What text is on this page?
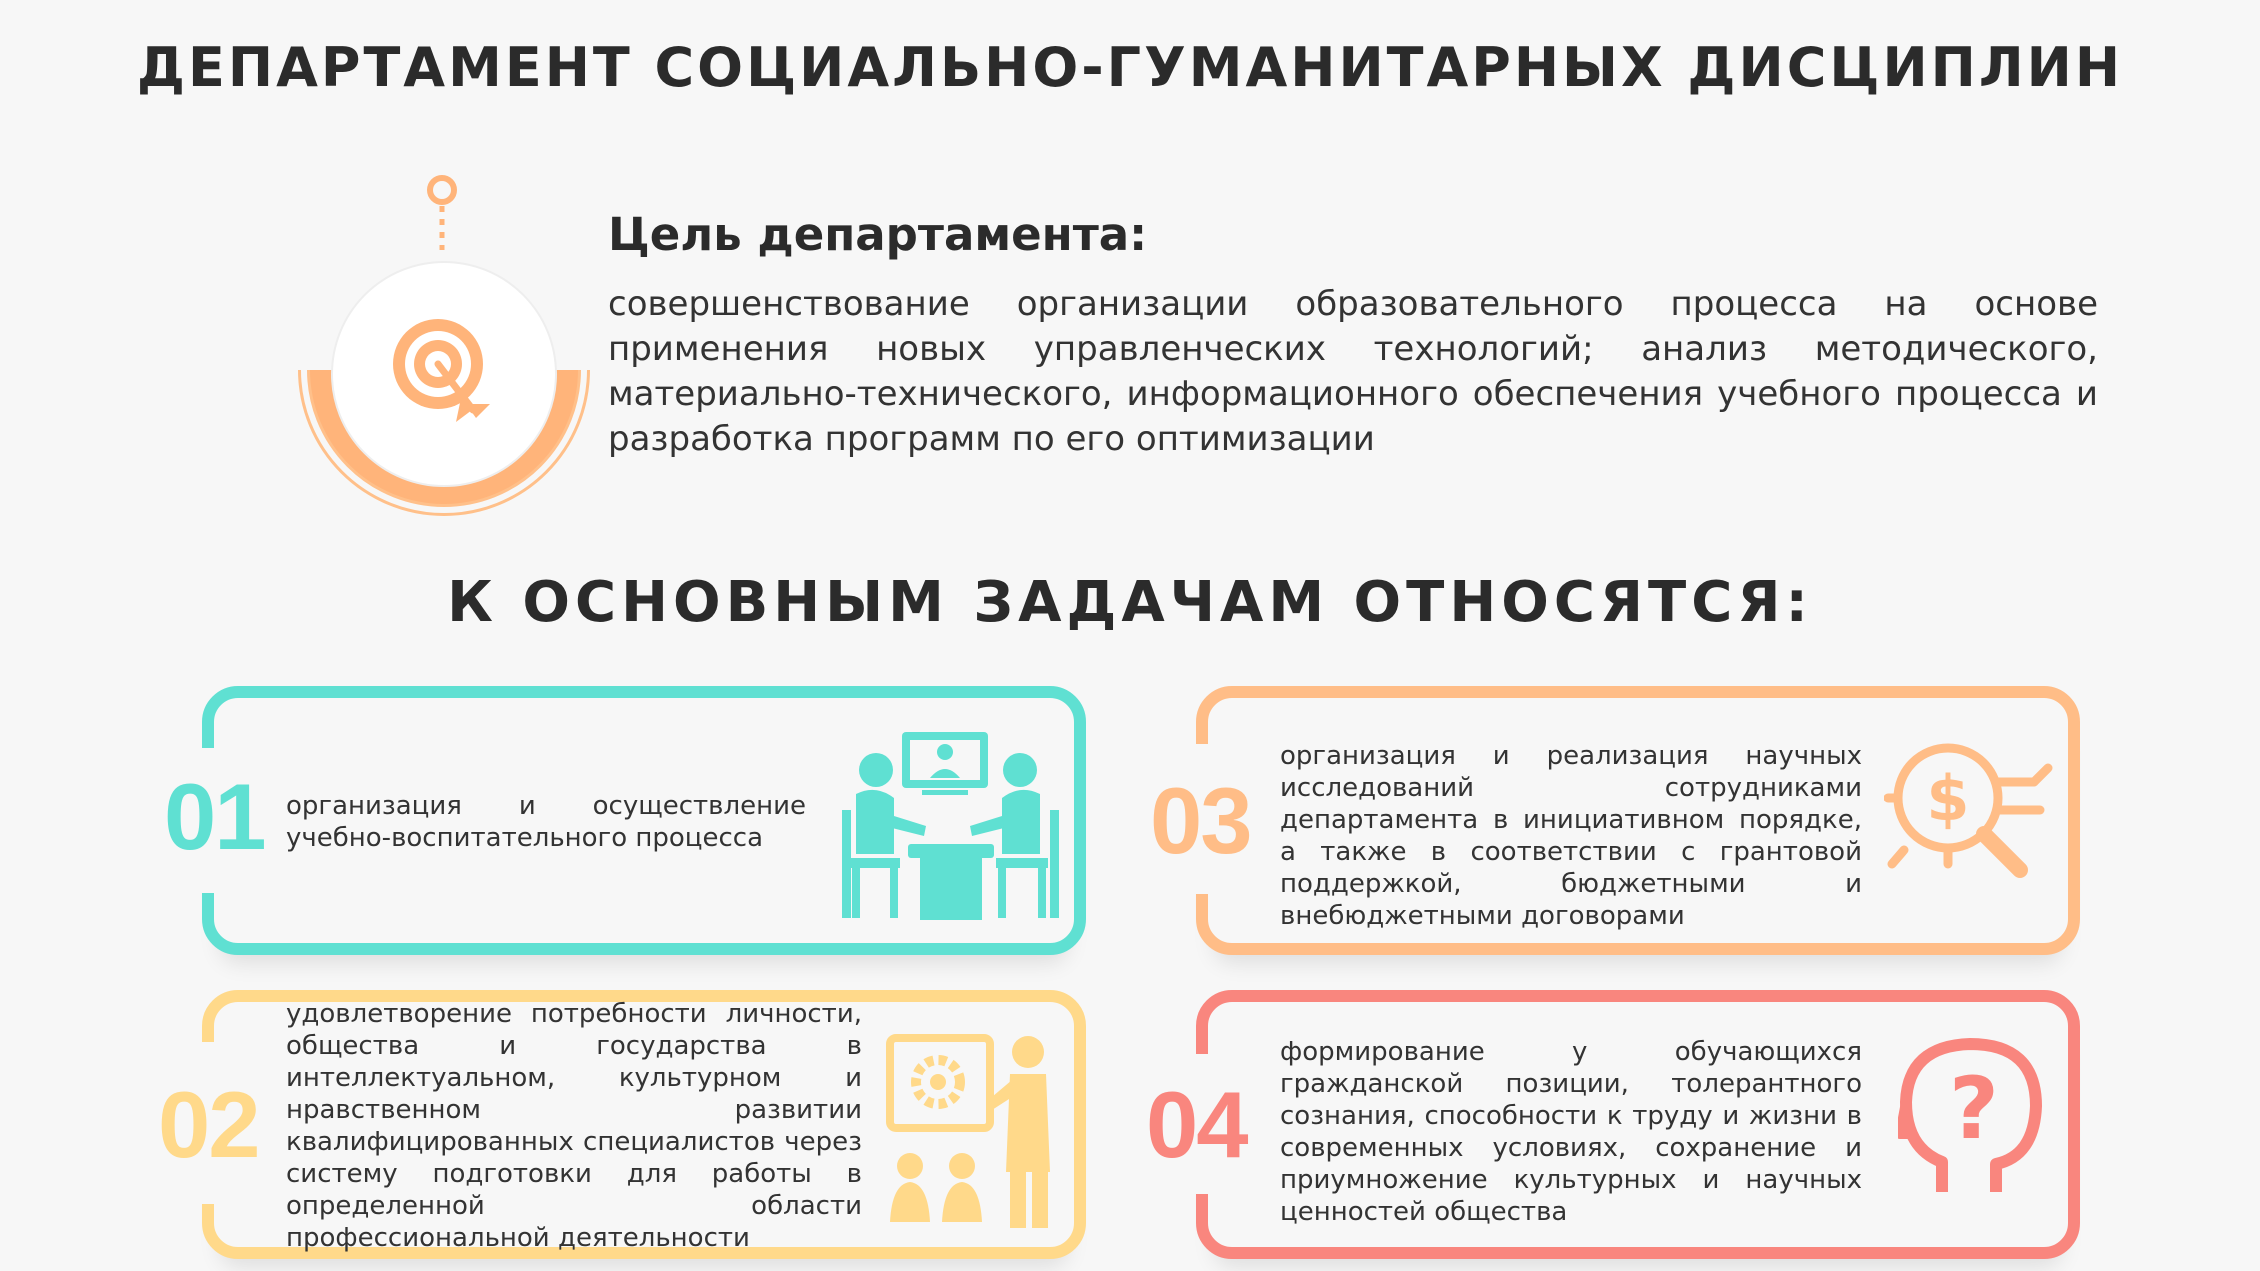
ДЕПАРТАМЕНТ СОЦИАЛЬНО-ГУМАНИТАРНЫХ ДИСЦИПЛИН
Цель департамента:

совершенствование организации образовательного процесса на основе применения новых управленческих технологий; анализ методического, материально-технического, информационного обеспечения учебного процесса и разработка программ по его оптимизации

К ОСНОВНЫМ ЗАДАЧАМ ОТНОСЯТСЯ:
01 организация и осуществление учебно-воспитательного процесса

02

удовлетворение потребности личности, общества и государства в интеллектуальном, культурном и нравственном развитии квалифицированных специалистов через систему подготовки для работы в определенной области профессиональной деятельности

03

организация и реализация научных исследований сотрудниками департамента в инициативном порядке, а также в соответствии с грантовой поддержкой, бюджетными и внебюджетными договорами

$
04

формирование у обучающихся гражданской позиции, толерантного сознания, способности к труду и жизни в современных условиях, сохранение и приумножение культурных и научных ценностей общества

?
